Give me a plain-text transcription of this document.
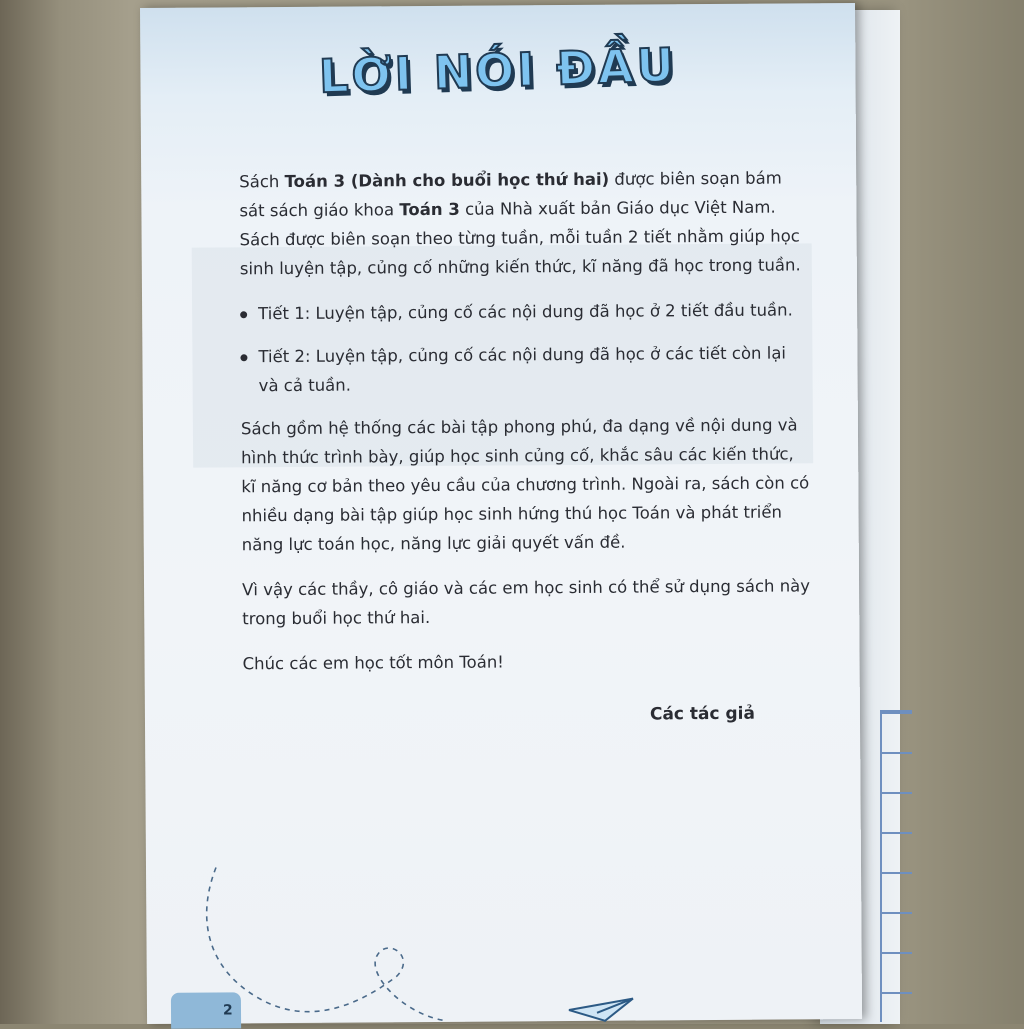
LỜI NÓI ĐẦU

Sách Toán 3 (Dành cho buổi học thứ hai) được biên soạn bám sát sách giáo khoa Toán 3 của Nhà xuất bản Giáo dục Việt Nam. Sách được biên soạn theo từng tuần, mỗi tuần 2 tiết nhằm giúp học sinh luyện tập, củng cố những kiến thức, kĩ năng đã học trong tuần.

Tiết 1: Luyện tập, củng cố các nội dung đã học ở 2 tiết đầu tuần.
Tiết 2: Luyện tập, củng cố các nội dung đã học ở các tiết còn lại và cả tuần.

Sách gồm hệ thống các bài tập phong phú, đa dạng về nội dung và hình thức trình bày, giúp học sinh củng cố, khắc sâu các kiến thức, kĩ năng cơ bản theo yêu cầu của chương trình. Ngoài ra, sách còn có nhiều dạng bài tập giúp học sinh hứng thú học Toán và phát triển năng lực toán học, năng lực giải quyết vấn đề.

Vì vậy các thầy, cô giáo và các em học sinh có thể sử dụng sách này trong buổi học thứ hai.

Chúc các em học tốt môn Toán!

Các tác giả
2
